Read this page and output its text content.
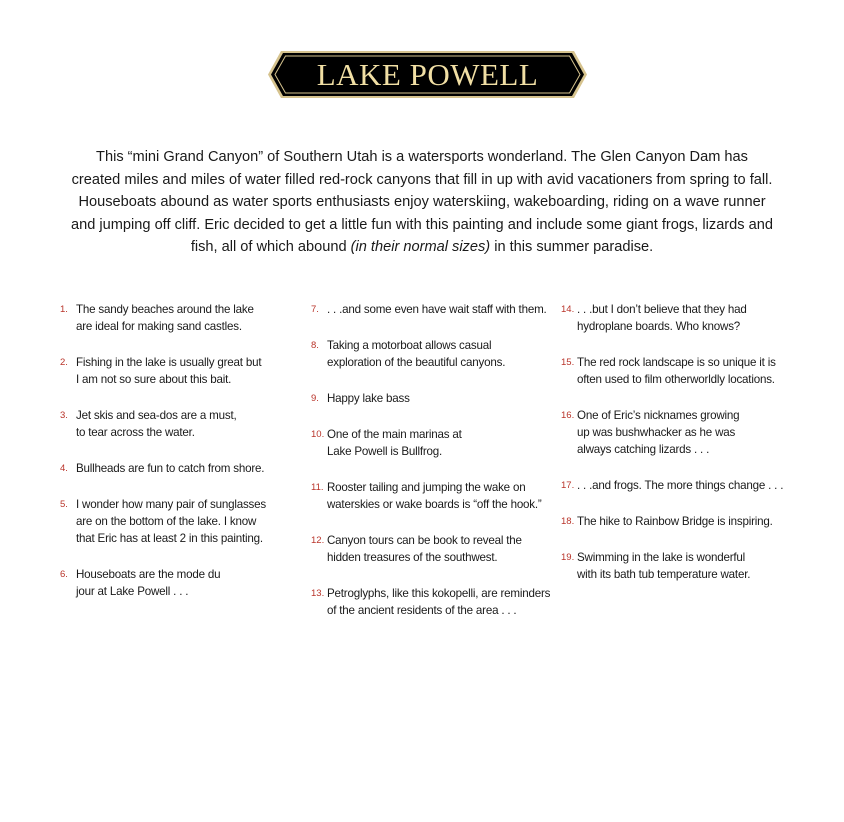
LAKE POWELL

This “mini Grand Canyon” of Southern Utah is a watersports wonderland. The Glen Canyon Dam has created miles and miles of water filled red-rock canyons that fill in up with avid vacationers from spring to fall. Houseboats abound as water sports enthusiasts enjoy waterskiing, wakeboarding, riding on a wave runner and jumping off cliff. Eric decided to get a little fun with this painting and include some giant frogs, lizards and fish, all of which abound (in their normal sizes) in this summer paradise.

1. The sandy beaches around the lake
are ideal for making sand castles.
2. Fishing in the lake is usually great but
I am not so sure about this bait.
3. Jet skis and sea-dos are a must,
to tear across the water.
4. Bullheads are fun to catch from shore.
5. I wonder how many pair of sunglasses
are on the bottom of the lake. I know
that Eric has at least 2 in this painting.
6. Houseboats are the mode du
jour at Lake Powell . . .
7. . . .and some even have wait staff with them.
8. Taking a motorboat allows casual
exploration of the beautiful canyons.
9. Happy lake bass
10. One of the main marinas at
Lake Powell is Bullfrog.
11. Rooster tailing and jumping the wake on
waterskies or wake boards is “off the hook.”
12. Canyon tours can be book to reveal the
hidden treasures of the southwest.
13. Petroglyphs, like this kokopelli, are reminders
of the ancient residents of the area . . .
14. . . .but I don’t believe that they had
hydroplane boards. Who knows?
15. The red rock landscape is so unique it is
often used to film otherworldly locations.
16. One of Eric’s nicknames growing
up was bushwhacker as he was
always catching lizards . . .
17. . . .and frogs. The more things change . . .
18. The hike to Rainbow Bridge is inspiring.
19. Swimming in the lake is wonderful
with its bath tub temperature water.
